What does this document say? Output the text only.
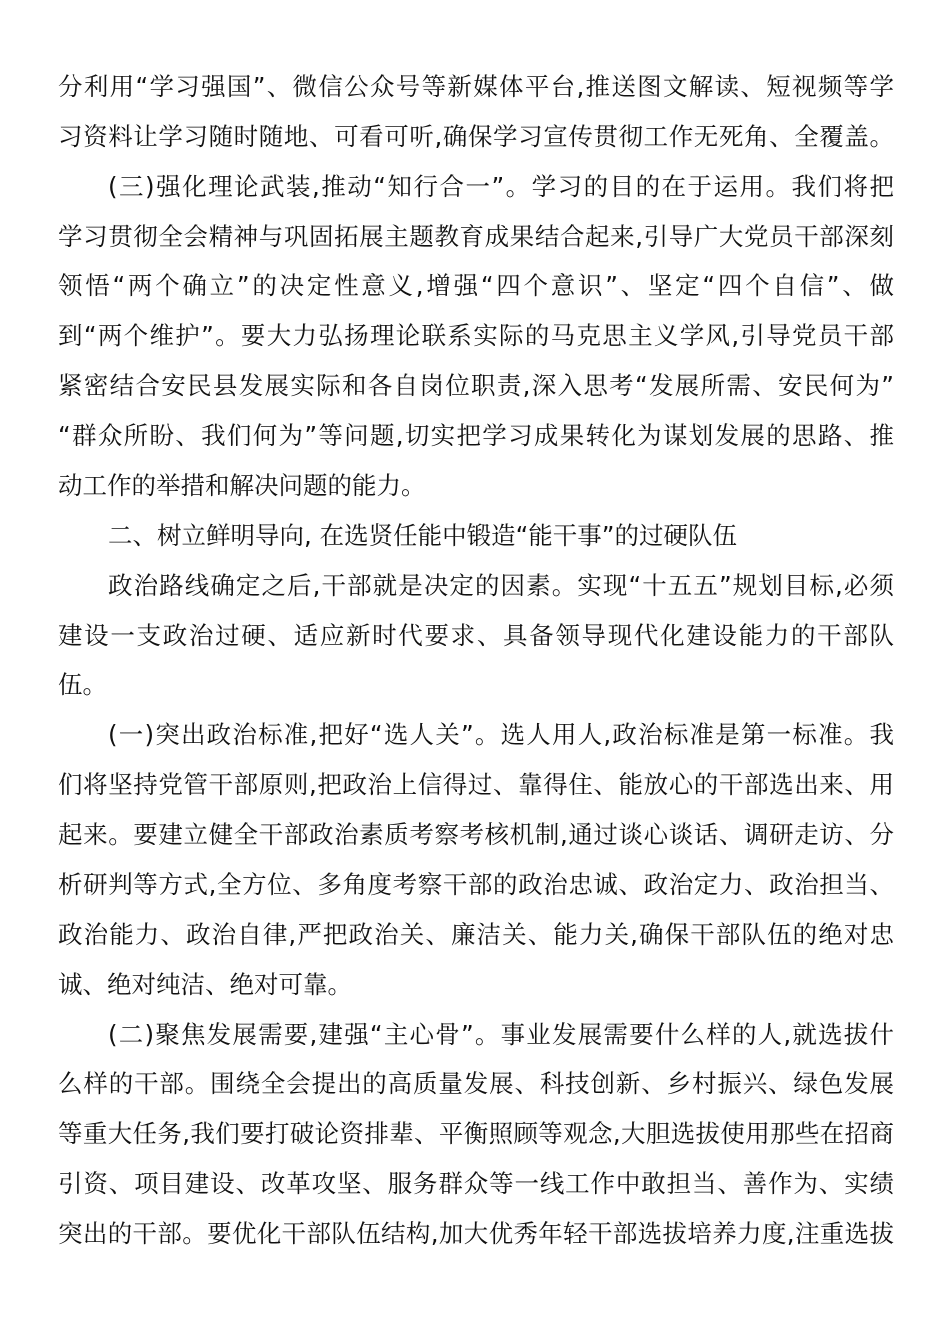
分利用“学习强国”、微信公众号等新媒体平台,推送图文解读、短视频等学
习资料让学习随时随地、可看可听,确保学习宣传贯彻工作无死角、全覆盖。
(三)强化理论武装,推动“知行合一”。学习的目的在于运用。我们将把
学习贯彻全会精神与巩固拓展主题教育成果结合起来,引导广大党员干部深刻
领悟“两个确立”的决定性意义,增强“四个意识”、坚定“四个自信”、做
到“两个维护”。要大力弘扬理论联系实际的马克思主义学风,引导党员干部
紧密结合安民县发展实际和各自岗位职责,深入思考“发展所需、安民何为”
“群众所盼、我们何为”等问题,切实把学习成果转化为谋划发展的思路、推
动工作的举措和解决问题的能力。
二、树立鲜明导向, 在选贤任能中锻造“能干事”的过硬队伍
政治路线确定之后,干部就是决定的因素。实现“十五五”规划目标,必须
建设一支政治过硬、适应新时代要求、具备领导现代化建设能力的干部队
伍。
(一)突出政治标准,把好“选人关”。选人用人,政治标准是第一标准。我
们将坚持党管干部原则,把政治上信得过、靠得住、能放心的干部选出来、用
起来。要建立健全干部政治素质考察考核机制,通过谈心谈话、调研走访、分
析研判等方式,全方位、多角度考察干部的政治忠诚、政治定力、政治担当、
政治能力、政治自律,严把政治关、廉洁关、能力关,确保干部队伍的绝对忠
诚、绝对纯洁、绝对可靠。
(二)聚焦发展需要,建强“主心骨”。事业发展需要什么样的人,就选拔什
么样的干部。围绕全会提出的高质量发展、科技创新、乡村振兴、绿色发展
等重大任务,我们要打破论资排辈、平衡照顾等观念,大胆选拔使用那些在招商
引资、项目建设、改革攻坚、服务群众等一线工作中敢担当、善作为、实绩
突出的干部。要优化干部队伍结构,加大优秀年轻干部选拔培养力度,注重选拔
